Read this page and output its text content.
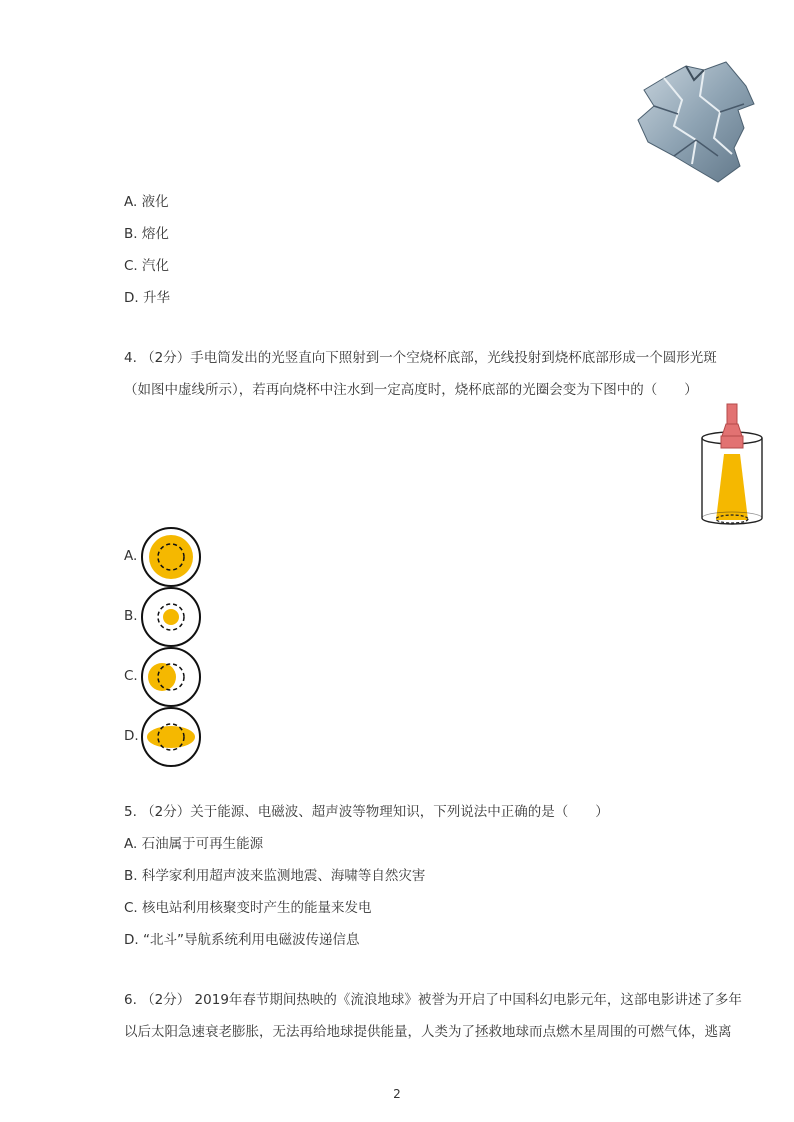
A. 液化
B. 熔化
C. 汽化
D. 升华
4. （2分）手电筒发出的光竖直向下照射到一个空烧杯底部，光线投射到烧杯底部形成一个圆形光斑
（如图中虚线所示），若再向烧杯中注水到一定高度时，烧杯底部的光圈会变为下图中的（　　）
A.
B.
C.
D.
5. （2分）关于能源、电磁波、超声波等物理知识，下列说法中正确的是（　　）
A. 石油属于可再生能源
B. 科学家利用超声波来监测地震、海啸等自然灾害
C. 核电站利用核聚变时产生的能量来发电
D. “北斗”导航系统利用电磁波传递信息
6. （2分） 2019年春节期间热映的《流浪地球》被誉为开启了中国科幻电影元年，这部电影讲述了多年
以后太阳急速衰老膨胀，无法再给地球提供能量，人类为了拯救地球而点燃木星周围的可燃气体，逃离
2
